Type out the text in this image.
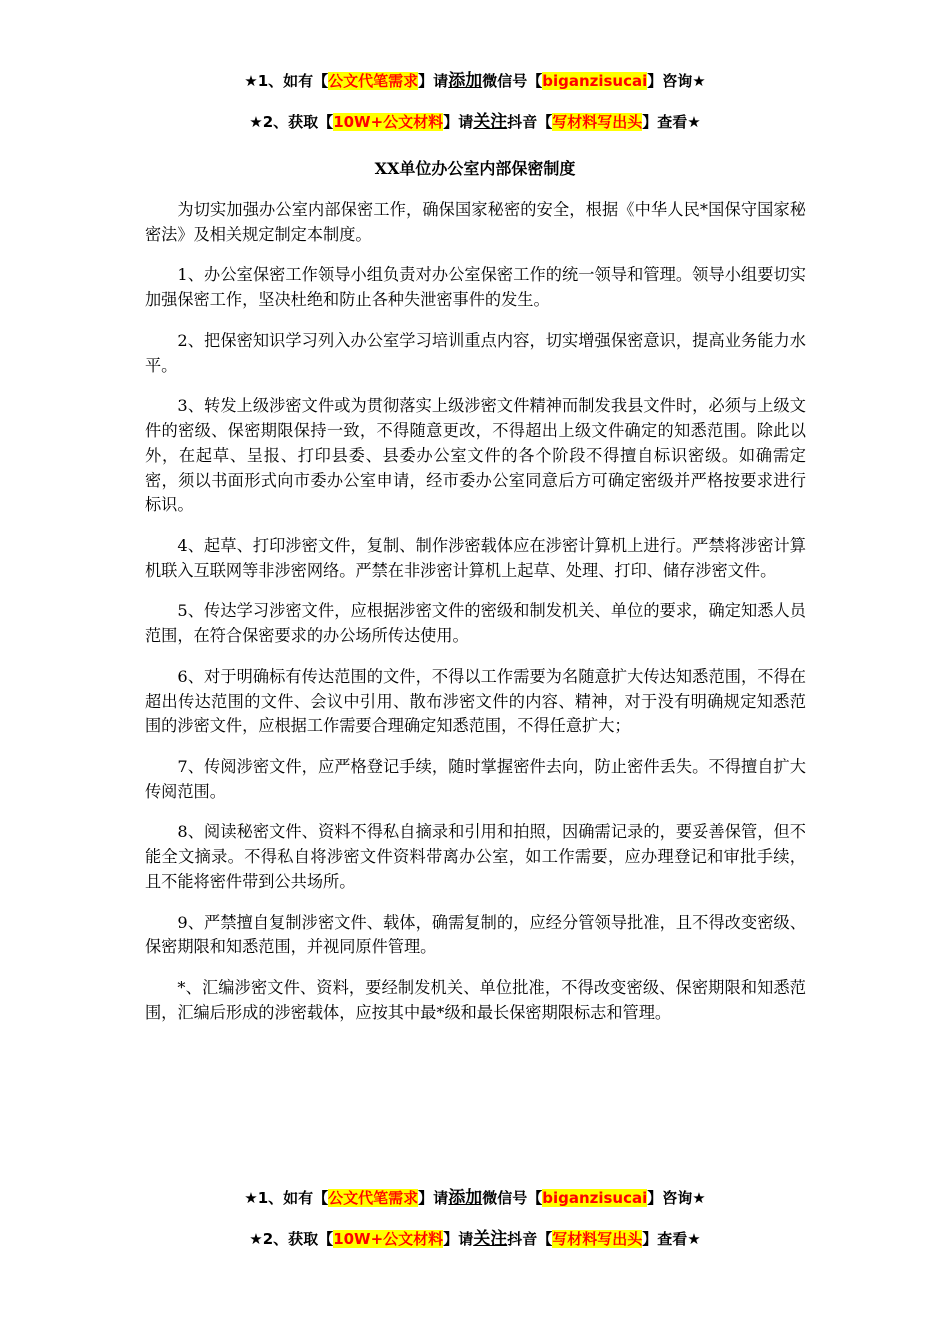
★1、如有【公文代笔需求】请添加微信号【biganzisucai】咨询★
★2、获取【10W+公文材料】请关注抖音【写材料写出头】查看★
XX单位办公室内部保密制度

为切实加强办公室内部保密工作，确保国家秘密的安全，根据《中华人民*国保守国家秘密法》及相关规定制定本制度。

1、办公室保密工作领导小组负责对办公室保密工作的统一领导和管理。领导小组要切实加强保密工作，坚决杜绝和防止各种失泄密事件的发生。

2、把保密知识学习列入办公室学习培训重点内容，切实增强保密意识，提高业务能力水平。

3、转发上级涉密文件或为贯彻落实上级涉密文件精神而制发我县文件时，必须与上级文件的密级、保密期限保持一致，不得随意更改，不得超出上级文件确定的知悉范围。除此以外，在起草、呈报、打印县委、县委办公室文件的各个阶段不得擅自标识密级。如确需定密，须以书面形式向市委办公室申请，经市委办公室同意后方可确定密级并严格按要求进行标识。

4、起草、打印涉密文件，复制、制作涉密载体应在涉密计算机上进行。严禁将涉密计算机联入互联网等非涉密网络。严禁在非涉密计算机上起草、处理、打印、储存涉密文件。

5、传达学习涉密文件，应根据涉密文件的密级和制发机关、单位的要求，确定知悉人员范围，在符合保密要求的办公场所传达使用。

6、对于明确标有传达范围的文件，不得以工作需要为名随意扩大传达知悉范围，不得在超出传达范围的文件、会议中引用、散布涉密文件的内容、精神，对于没有明确规定知悉范围的涉密文件，应根据工作需要合理确定知悉范围，不得任意扩大；

7、传阅涉密文件，应严格登记手续，随时掌握密件去向，防止密件丢失。不得擅自扩大传阅范围。

8、阅读秘密文件、资料不得私自摘录和引用和拍照，因确需记录的，要妥善保管，但不能全文摘录。不得私自将涉密文件资料带离办公室，如工作需要，应办理登记和审批手续，且不能将密件带到公共场所。

9、严禁擅自复制涉密文件、载体，确需复制的，应经分管领导批准，且不得改变密级、保密期限和知悉范围，并视同原件管理。

*、汇编涉密文件、资料，要经制发机关、单位批准，不得改变密级、保密期限和知悉范围，汇编后形成的涉密载体，应按其中最*级和最长保密期限标志和管理。

★1、如有【公文代笔需求】请添加微信号【biganzisucai】咨询★
★2、获取【10W+公文材料】请关注抖音【写材料写出头】查看★
